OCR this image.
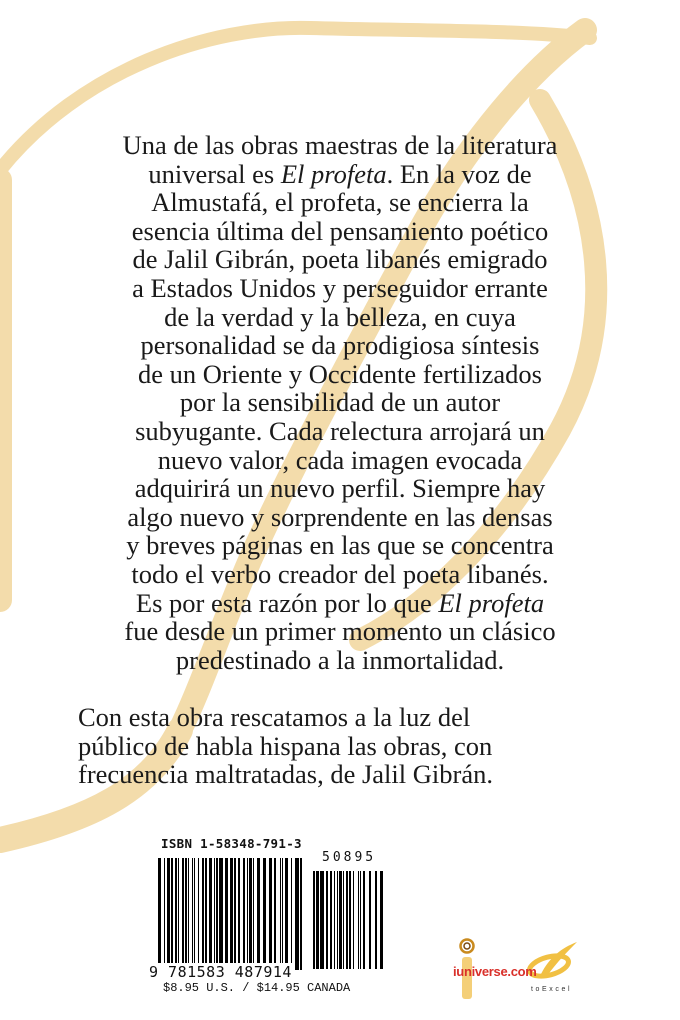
Una de las obras maestras de la literatura
universal es El profeta. En la voz de
Almustafá, el profeta, se encierra la
esencia última del pensamiento poético
de Jalil Gibrán, poeta libanés emigrado
a Estados Unidos y perseguidor errante
de la verdad y la belleza, en cuya
personalidad se da prodigiosa síntesis
de un Oriente y Occidente fertilizados
por la sensibilidad de un autor
subyugante. Cada relectura arrojará un
nuevo valor, cada imagen evocada
adquirirá un nuevo perfil. Siempre hay
algo nuevo y sorprendente en las densas
y breves páginas en las que se concentra
todo el verbo creador del poeta libanés.
Es por esta razón por lo que El profeta
fue desde un primer momento un clásico
predestinado a la inmortalidad.
Con esta obra rescatamos a la luz del
público de habla hispana las obras, con
frecuencia maltratadas, de Jalil Gibrán.
ISBN 1-58348-791-3
50895
9 781583 487914
$8.95 U.S. / $14.95 CANADA
iuniverse.com
toExcel
